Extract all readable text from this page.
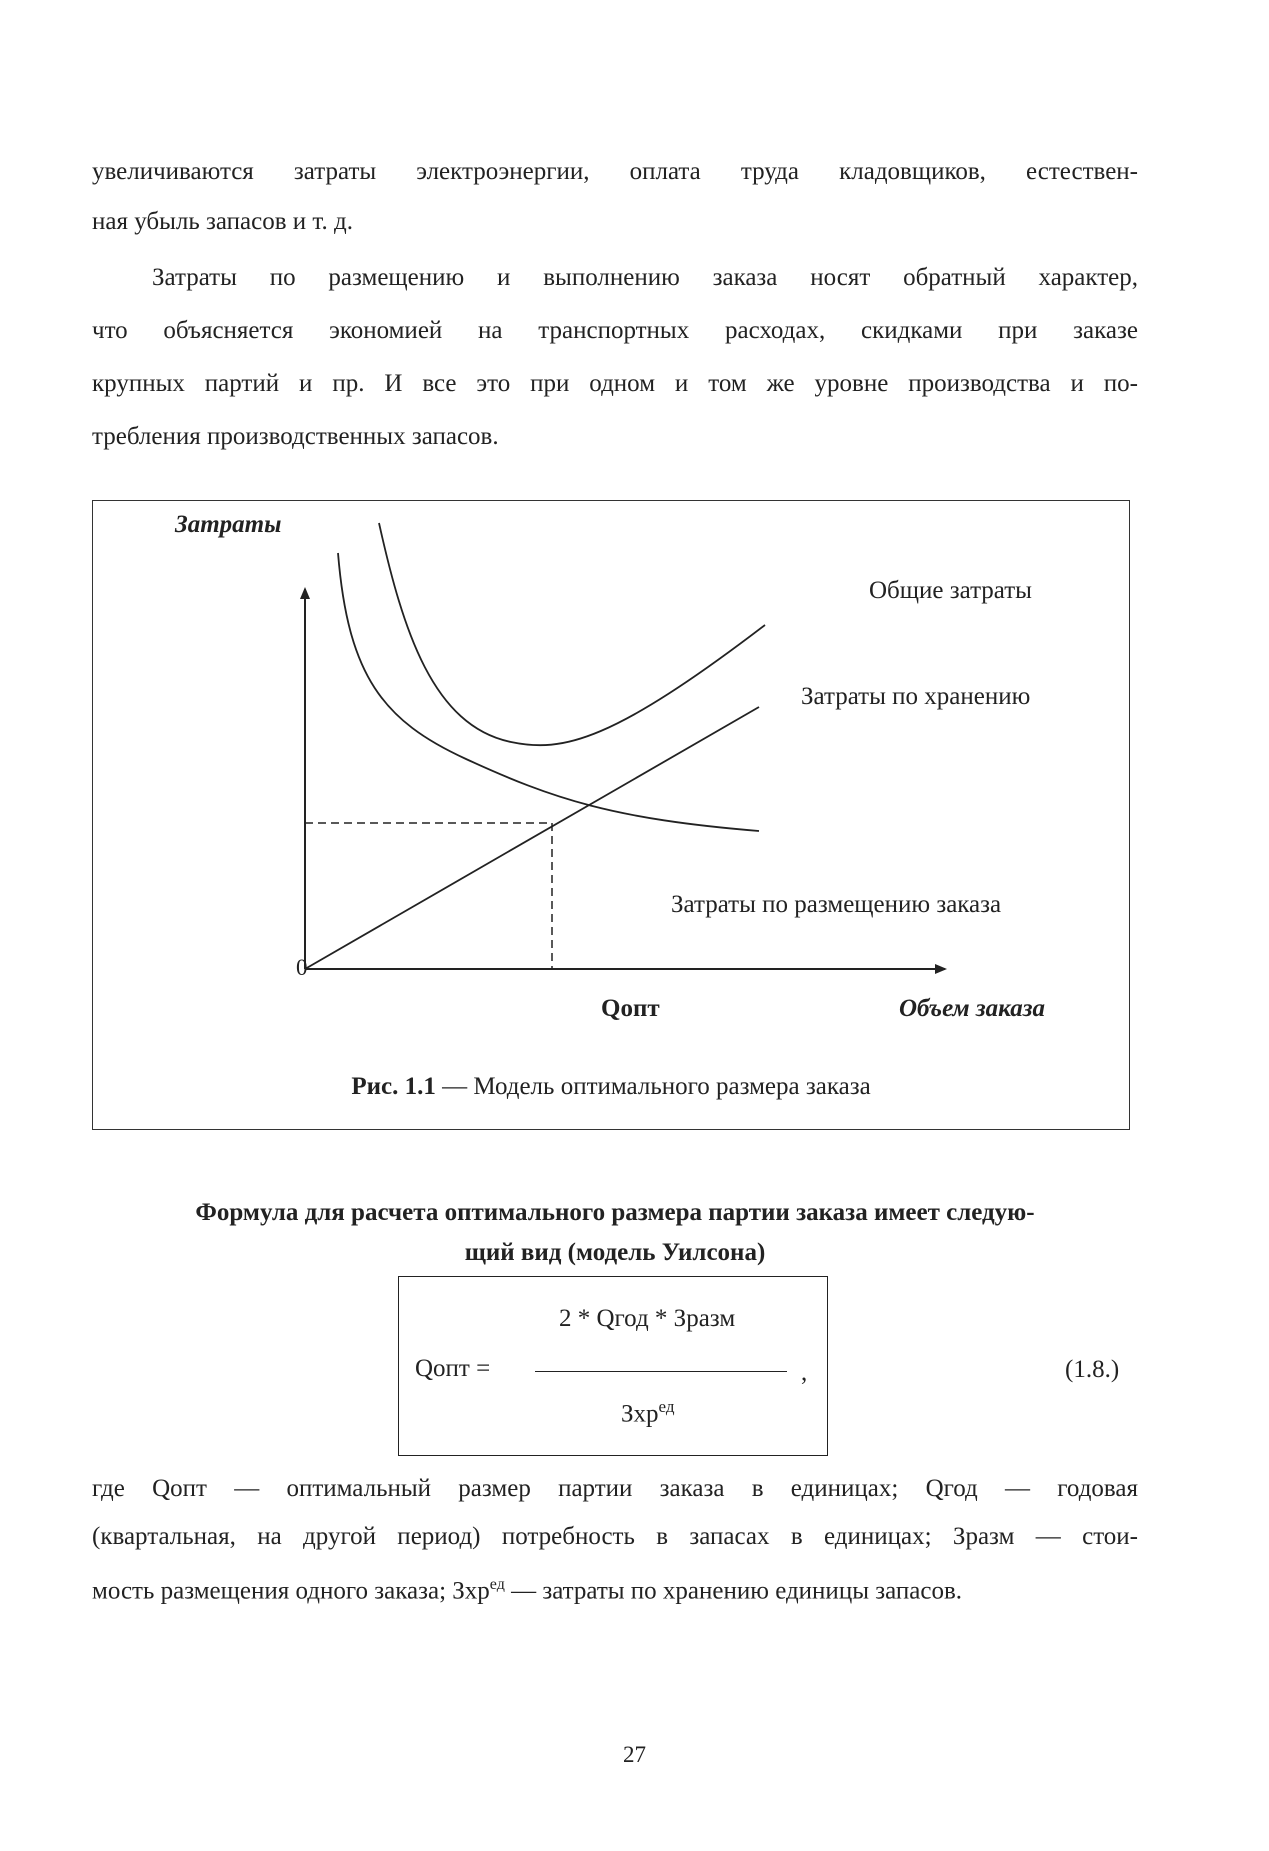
увеличиваются затраты электроэнергии, оплата труда кладовщиков, естествен-
ная убыль запасов и т. д.
Затраты по размещению и выполнению заказа носят обратный характер,
что объясняется экономией на транспортных расходах, скидками при заказе
крупных партий и пр. И все это при одном и том же уровне производства и по-
требления производственных запасов.
Затраты
0
Общие затраты
Затраты по хранению
Затраты по размещению заказа
Qопт	Объем заказа
Рис. 1.1 — Модель оптимального размера заказа
Формула для расчета оптимального размера партии заказа имеет следую-
щий вид (модель Уилсона)
2 * Qгод * Зразм
Qопт =	,
Зхр$^{ед}$
(1.8.)
где Qопт — оптимальный размер партии заказа в единицах; Qгод — годовая
(квартальная, на другой период) потребность в запасах в единицах; Зразм — стои-
мость размещения одного заказа; Зхр$^{ед}$ — затраты по хранению единицы запасов.
27
